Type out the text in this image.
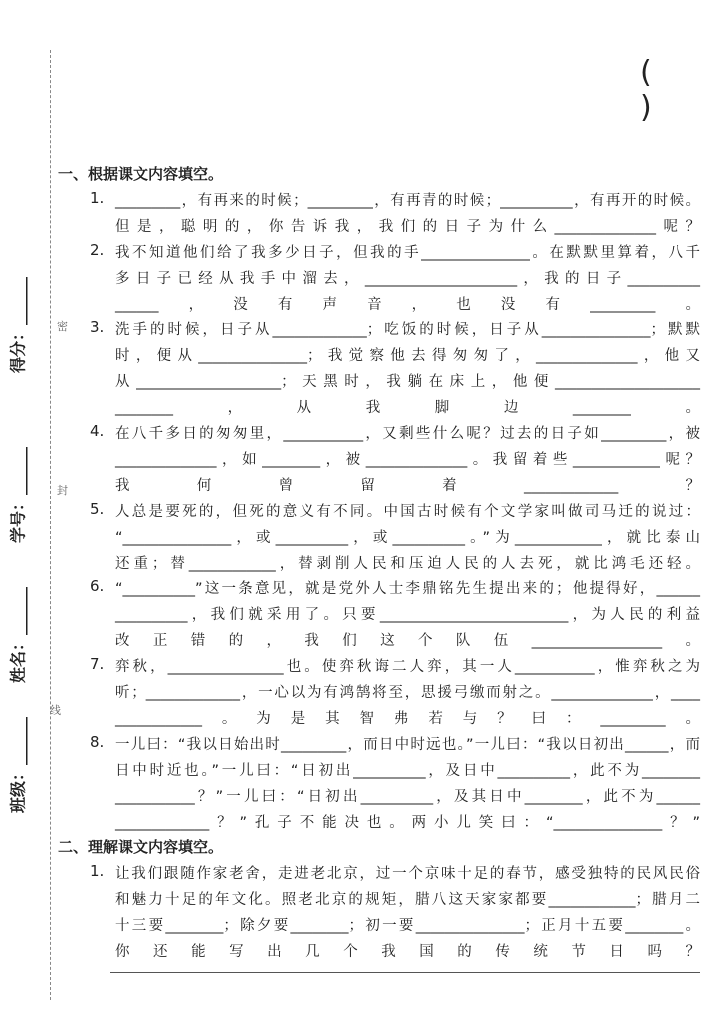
密
封
线
得分：______
学号：______
姓名：______
班级：______
( )
一、根据课文内容填空。
1. _________，有再来的时候；_________，有再青的时候；__________，有再开的时候。
但是，聪明的，你告诉我，我们的日子为什么______________呢？
2. 我不知道他们给了我多少日子，但我的手_______________。在默默里算着，八千
多日子已经从我手中溜去，_____________________，我的日子__________
______，没有声音，也没有_________。
3. 洗手的时候，日子从_____________；吃饭的时候，日子从_______________；默默
时，便从_______________；我觉察他去得匆匆了，______________，他又
从____________________；天黑时，我躺在床上，他便____________________
________，从我脚边________。
4. 在八千多日的匆匆里，___________，又剩些什么呢？过去的日子如_________，被
______________，如________，被______________。我留着些____________呢？
我何曾留着_____________？
5. 人总是要死的，但死的意义有不同。中国古时候有个文学家叫做司马迁的说过：
“_______________，或__________，或__________。”为____________，就比泰山
还重；替____________，替剥削人民和压迫人民的人去死，就比鸿毛还轻。
6. “__________”这一条意见，就是党外人士李鼎铭先生提出来的；他提得好，______
__________，我们就采用了。只要__________________________，为人民的利益
改正错的，我们这个队伍__________________。
7. 弈秋，________________也。使弈秋诲二人弈，其一人___________，惟弈秋之为
听；_____________，一心以为有鸿鹄将至，思援弓缴而射之。______________，____
____________。为是其智弗若与？曰：_________。
8. 一儿曰：“我以日始出时_________，而日中时远也。”一儿曰：“我以日初出______，而
日中时近也。”一儿曰：“日初出__________，及日中__________，此不为________
___________？”一儿曰：“日初出__________，及其日中________，此不为______
_____________？”孔子不能决也。两小儿笑曰：“_______________？”
二、理解课文内容填空。
1. 让我们跟随作家老舍，走进老北京，过一个京味十足的春节，感受独特的民风民俗
和魅力十足的年文化。照老北京的规矩，腊八这天家家都要____________；腊月二
十三要________；除夕要________；初一要_______________；正月十五要________。
你还能写出几个我国的传统节日吗？
